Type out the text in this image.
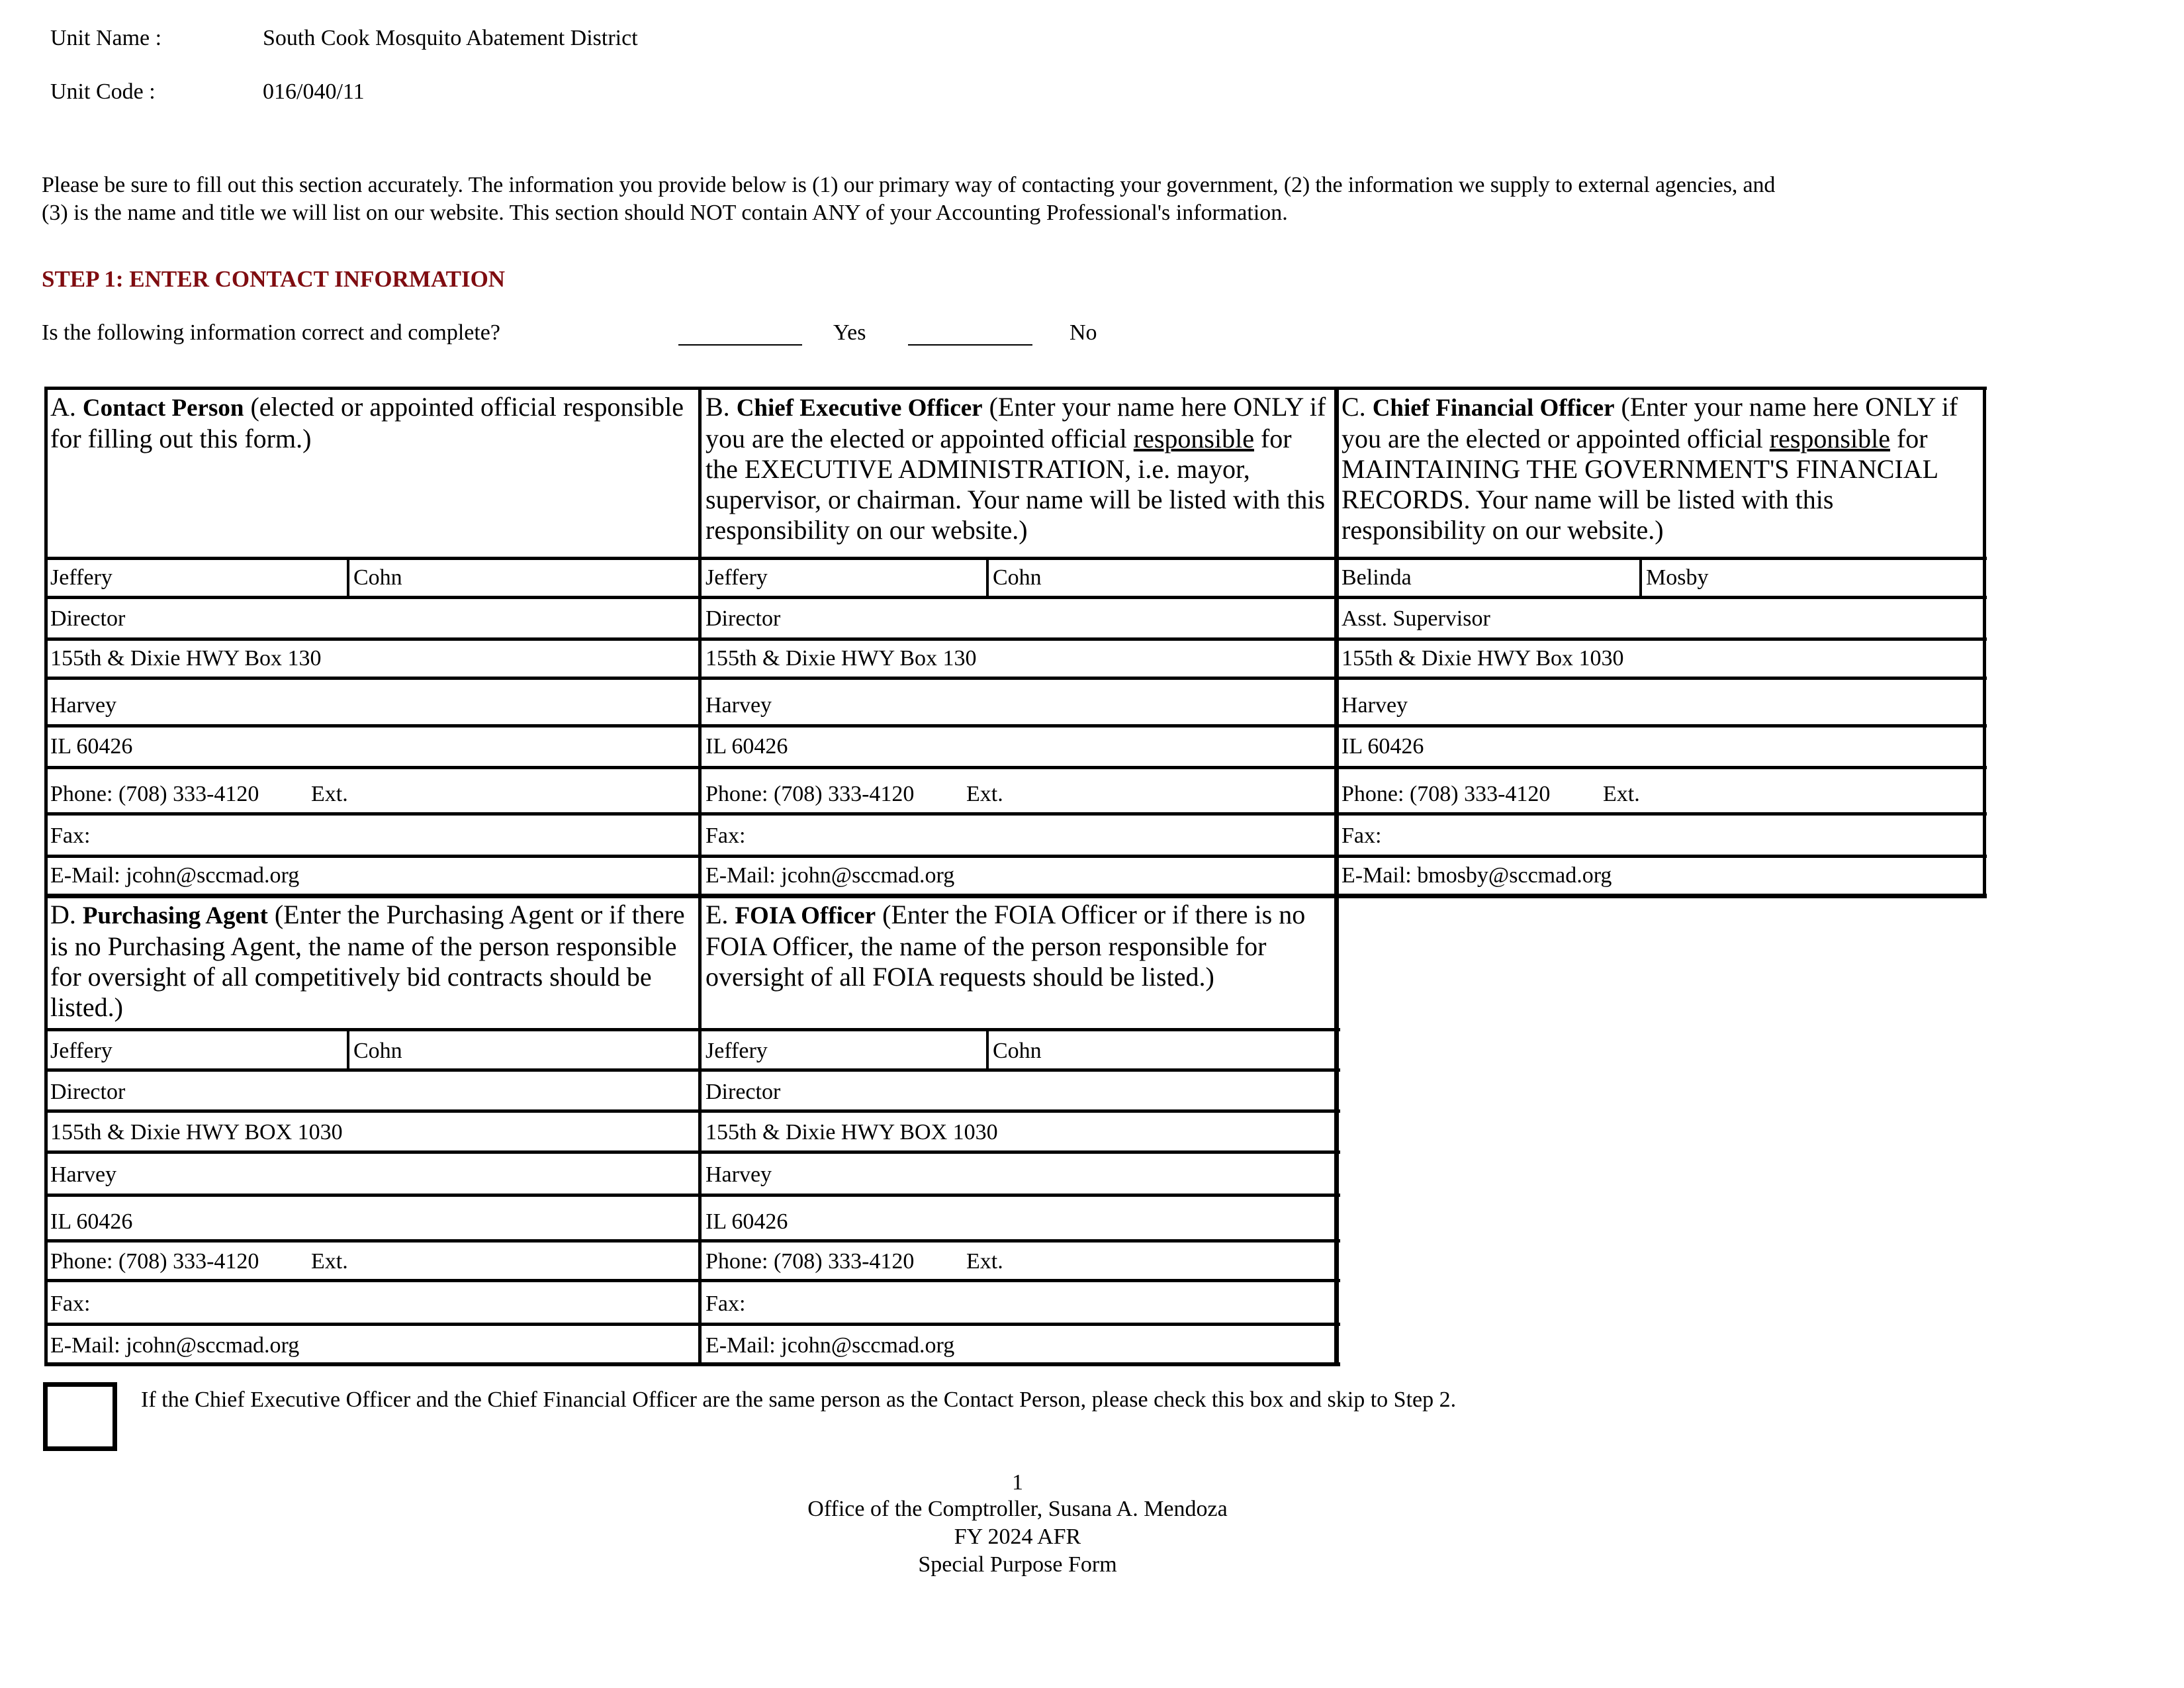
Unit Name :	South Cook Mosquito Abatement District
Unit Code :	016/040/11
Please be sure to fill out this section accurately. The information you provide below is (1) our primary way of contacting your government, (2) the information we supply to external agencies, and
(3) is the name and title we will list on our website. This section should NOT contain ANY of your Accounting Professional's information.
STEP 1: ENTER CONTACT INFORMATION
Is the following information correct and complete?	Yes	No
A. Contact Person (elected or appointed official responsible for filling out this form.)
Jeffery	Cohn
Director
155th & Dixie HWY Box 130
Harvey
IL 60426
Phone: (708) 333-4120 Ext.
Fax:
E-Mail: jcohn@sccmad.org
B. Chief Executive Officer (Enter your name here ONLY if you are the elected or appointed official responsible for the EXECUTIVE ADMINISTRATION, i.e. mayor, supervisor, or chairman. Your name will be listed with this responsibility on our website.)
Jeffery	Cohn
Director
155th & Dixie HWY Box 130
Harvey
IL 60426
Phone: (708) 333-4120 Ext.
Fax:
E-Mail: jcohn@sccmad.org
C. Chief Financial Officer (Enter your name here ONLY if you are the elected or appointed official responsible for MAINTAINING THE GOVERNMENT'S FINANCIAL RECORDS. Your name will be listed with this responsibility on our website.)
Belinda	Mosby
Asst. Supervisor
155th & Dixie HWY Box 1030
Harvey
IL 60426
Phone: (708) 333-4120 Ext.
Fax:
E-Mail: bmosby@sccmad.org
D. Purchasing Agent (Enter the Purchasing Agent or if there is no Purchasing Agent, the name of the person responsible for oversight of all competitively bid contracts should be listed.)
Jeffery	Cohn
Director
155th & Dixie HWY BOX 1030
Harvey
IL 60426
Phone: (708) 333-4120 Ext.
Fax:
E-Mail: jcohn@sccmad.org
E. FOIA Officer (Enter the FOIA Officer or if there is no FOIA Officer, the name of the person responsible for oversight of all FOIA requests should be listed.)
Jeffery	Cohn
Director
155th & Dixie HWY BOX 1030
Harvey
IL 60426
Phone: (708) 333-4120 Ext.
Fax:
E-Mail: jcohn@sccmad.org
If the Chief Executive Officer and the Chief Financial Officer are the same person as the Contact Person, please check this box and skip to Step 2.
1
Office of the Comptroller, Susana A. Mendoza
FY 2024 AFR
Special Purpose Form
